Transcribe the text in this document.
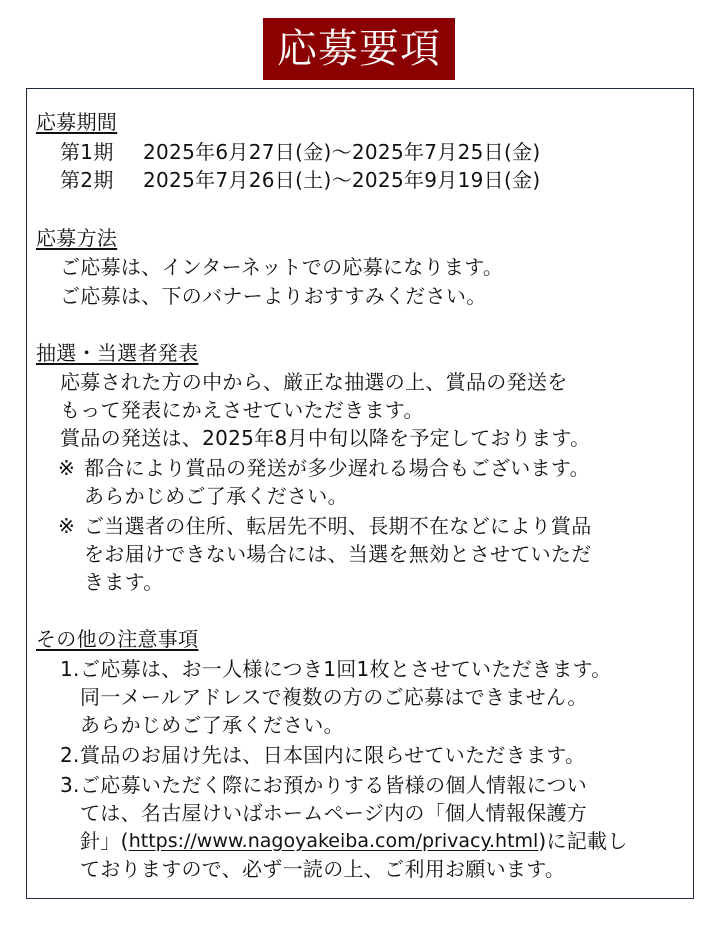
応募要項
応募期間
第1期 2025年6月27日(金)～2025年7月25日(金)
第2期 2025年7月26日(土)～2025年9月19日(金)
応募方法
ご応募は、インターネットでの応募になります。
ご応募は、下のバナーよりおすすみください。
抽選・当選者発表
応募された方の中から、厳正な抽選の上、賞品の発送を
もって発表にかえさせていただきます。
賞品の発送は、2025年8月中旬以降を予定しております。
※ 都合により賞品の発送が多少遅れる場合もございます。
あらかじめご了承ください。
※ ご当選者の住所、転居先不明、長期不在などにより賞品
をお届けできない場合には、当選を無効とさせていただ
きます。
その他の注意事項
1. ご応募は、お一人様につき1回1枚とさせていただきます。
同一メールアドレスで複数の方のご応募はできません。
あらかじめご了承ください。
2. 賞品のお届け先は、日本国内に限らせていただきます。
3. ご応募いただく際にお預かりする皆様の個人情報につい
ては、名古屋けいばホームページ内の「個人情報保護方
針」( https://www.nagoyakeiba.com/privacy.html )に記載し
ておりますので、必ず一読の上、ご利用お願います。
